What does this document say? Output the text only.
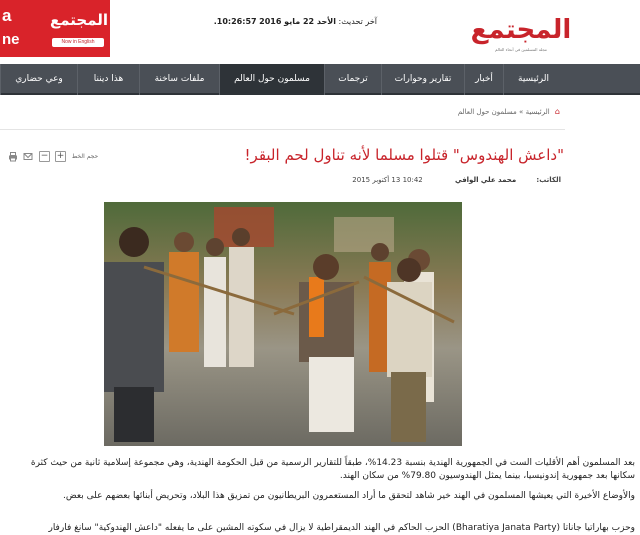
a
ne
المجتمع
Now in English
آخر تحديث: الأحد 22 مايو 2016 10:26:57.	المجتمع
مجلة المسلمين في أنحاء العالم
الرئيسية
أخبار
تقارير وحوارات
ترجمات
مسلمون حول العالم
ملفات ساخنة
هذا ديننا
وعي حضاري
⌂ الرئيسية » مسلمون حول العالم
− + حجم الخط	"داعش الهندوس" قتلوا مسلما لأنه تناول لحم البقر!
الكاتب: محمد علي الوافي 10:42 13 أكتوبر 2015

بعد المسلمون أهم الأقليات الست في الجمهورية الهندية بنسبة 14.23%، طبقاً للتقارير الرسمية من قبل الحكومة الهندية، وهي مجموعة إسلامية ثانية من حيث كثرة سكانها بعد جمهورية إندونيسيا، بينما يمثل الهندوسيون 79.80% من سكان الهند.

والأوضاع الأخيرة التي يعيشها المسلمون في الهند خير شاهد لتحقق ما أراد المستعمرون البريطانيون من تمزيق هذا البلاد، وتحريض أبنائها بعضهم على بعض.

وحزب بهاراتيا جاناتا (Bharatiya Janata Party) الحزب الحاكم في الهند الديمقراطية لا يزال في سكوته المشين على ما يفعله "داعش الهندوكية" سانغ فارفار
